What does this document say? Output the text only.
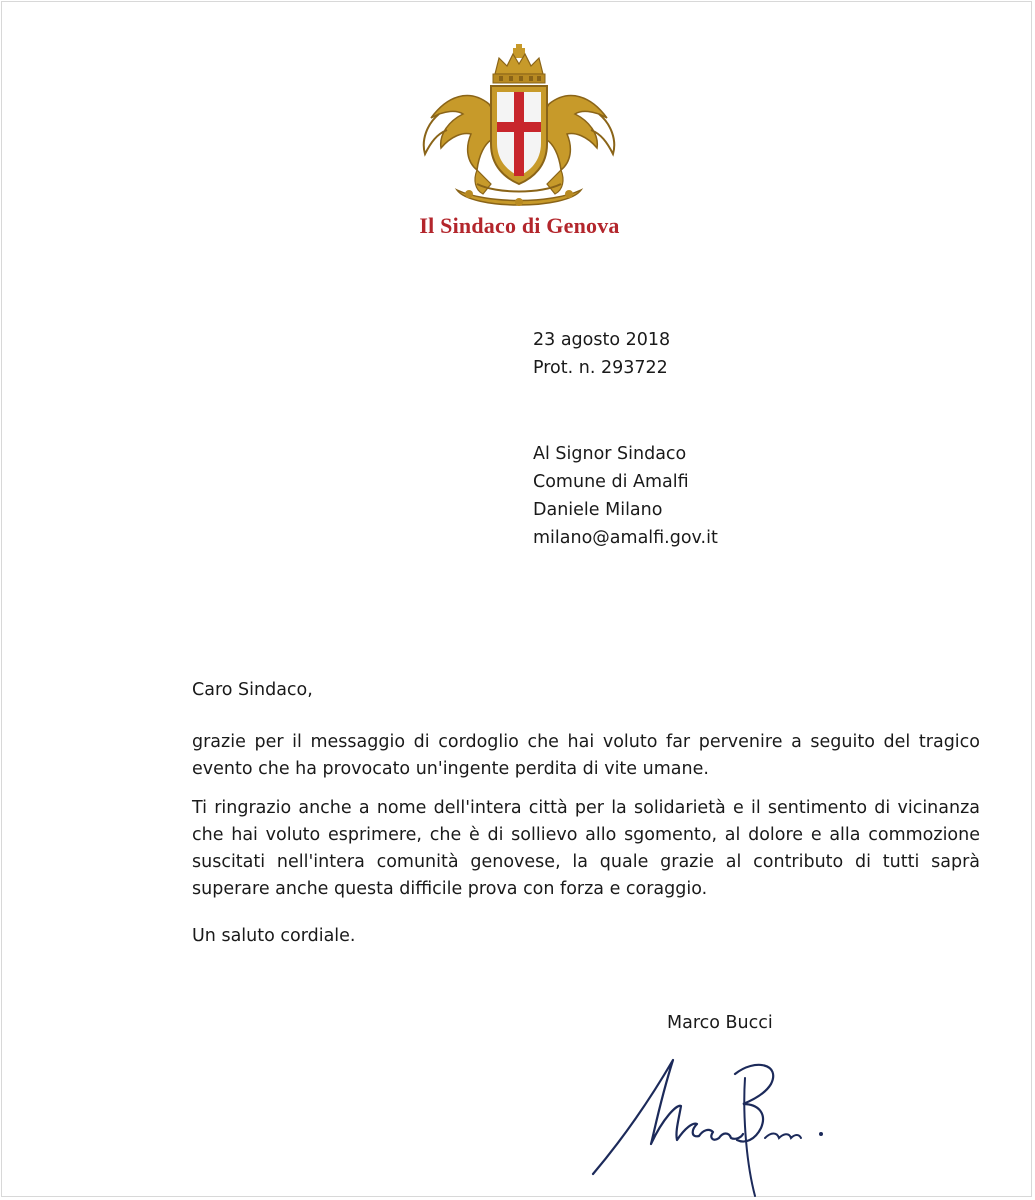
Il Sindaco di Genova
23 agosto 2018
Prot. n. 293722
Al Signor Sindaco
Comune di Amalfi
Daniele Milano
milano@amalfi.gov.it
Caro Sindaco,

grazie per il messaggio di cordoglio che hai voluto far pervenire a seguito del tragico evento che ha provocato un'ingente perdita di vite umane.

Ti ringrazio anche a nome dell'intera città per la solidarietà e il sentimento di vicinanza che hai voluto esprimere, che è di sollievo allo sgomento, al dolore e alla commozione suscitati nell'intera comunità genovese, la quale grazie al contributo di tutti saprà superare anche questa difficile prova con forza e coraggio.

Un saluto cordiale.
Marco Bucci
